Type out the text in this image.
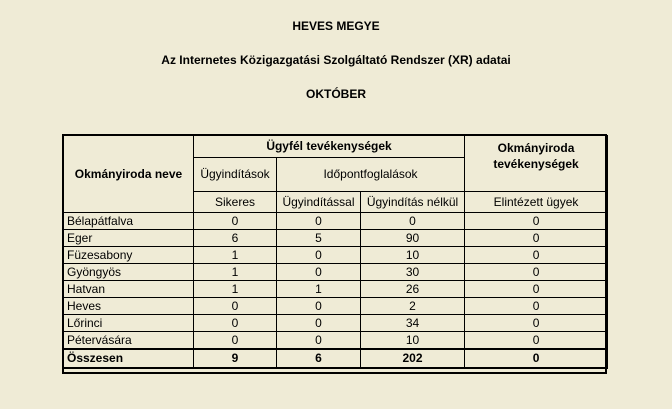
HEVES MEGYE
Az Internetes Közigazgatási Szolgáltató Rendszer (XR) adatai
OKTÓBER
Okmányiroda neve	Ügyfél tevékenységek			Okmányiroda tevékenységek
	Ügyindítások	Időpontfoglalások		
	Sikeres	Ügyindítással	Ügyindítás nélkül	Elintézett ügyek
Bélapátfalva	0	0	0	0
Eger	6	5	90	0
Füzesabony	1	0	10	0
Gyöngyös	1	0	30	0
Hatvan	1	1	26	0
Heves	0	0	2	0
Lőrinci	0	0	34	0
Pétervására	0	0	10	0
Összesen	9	6	202	0
